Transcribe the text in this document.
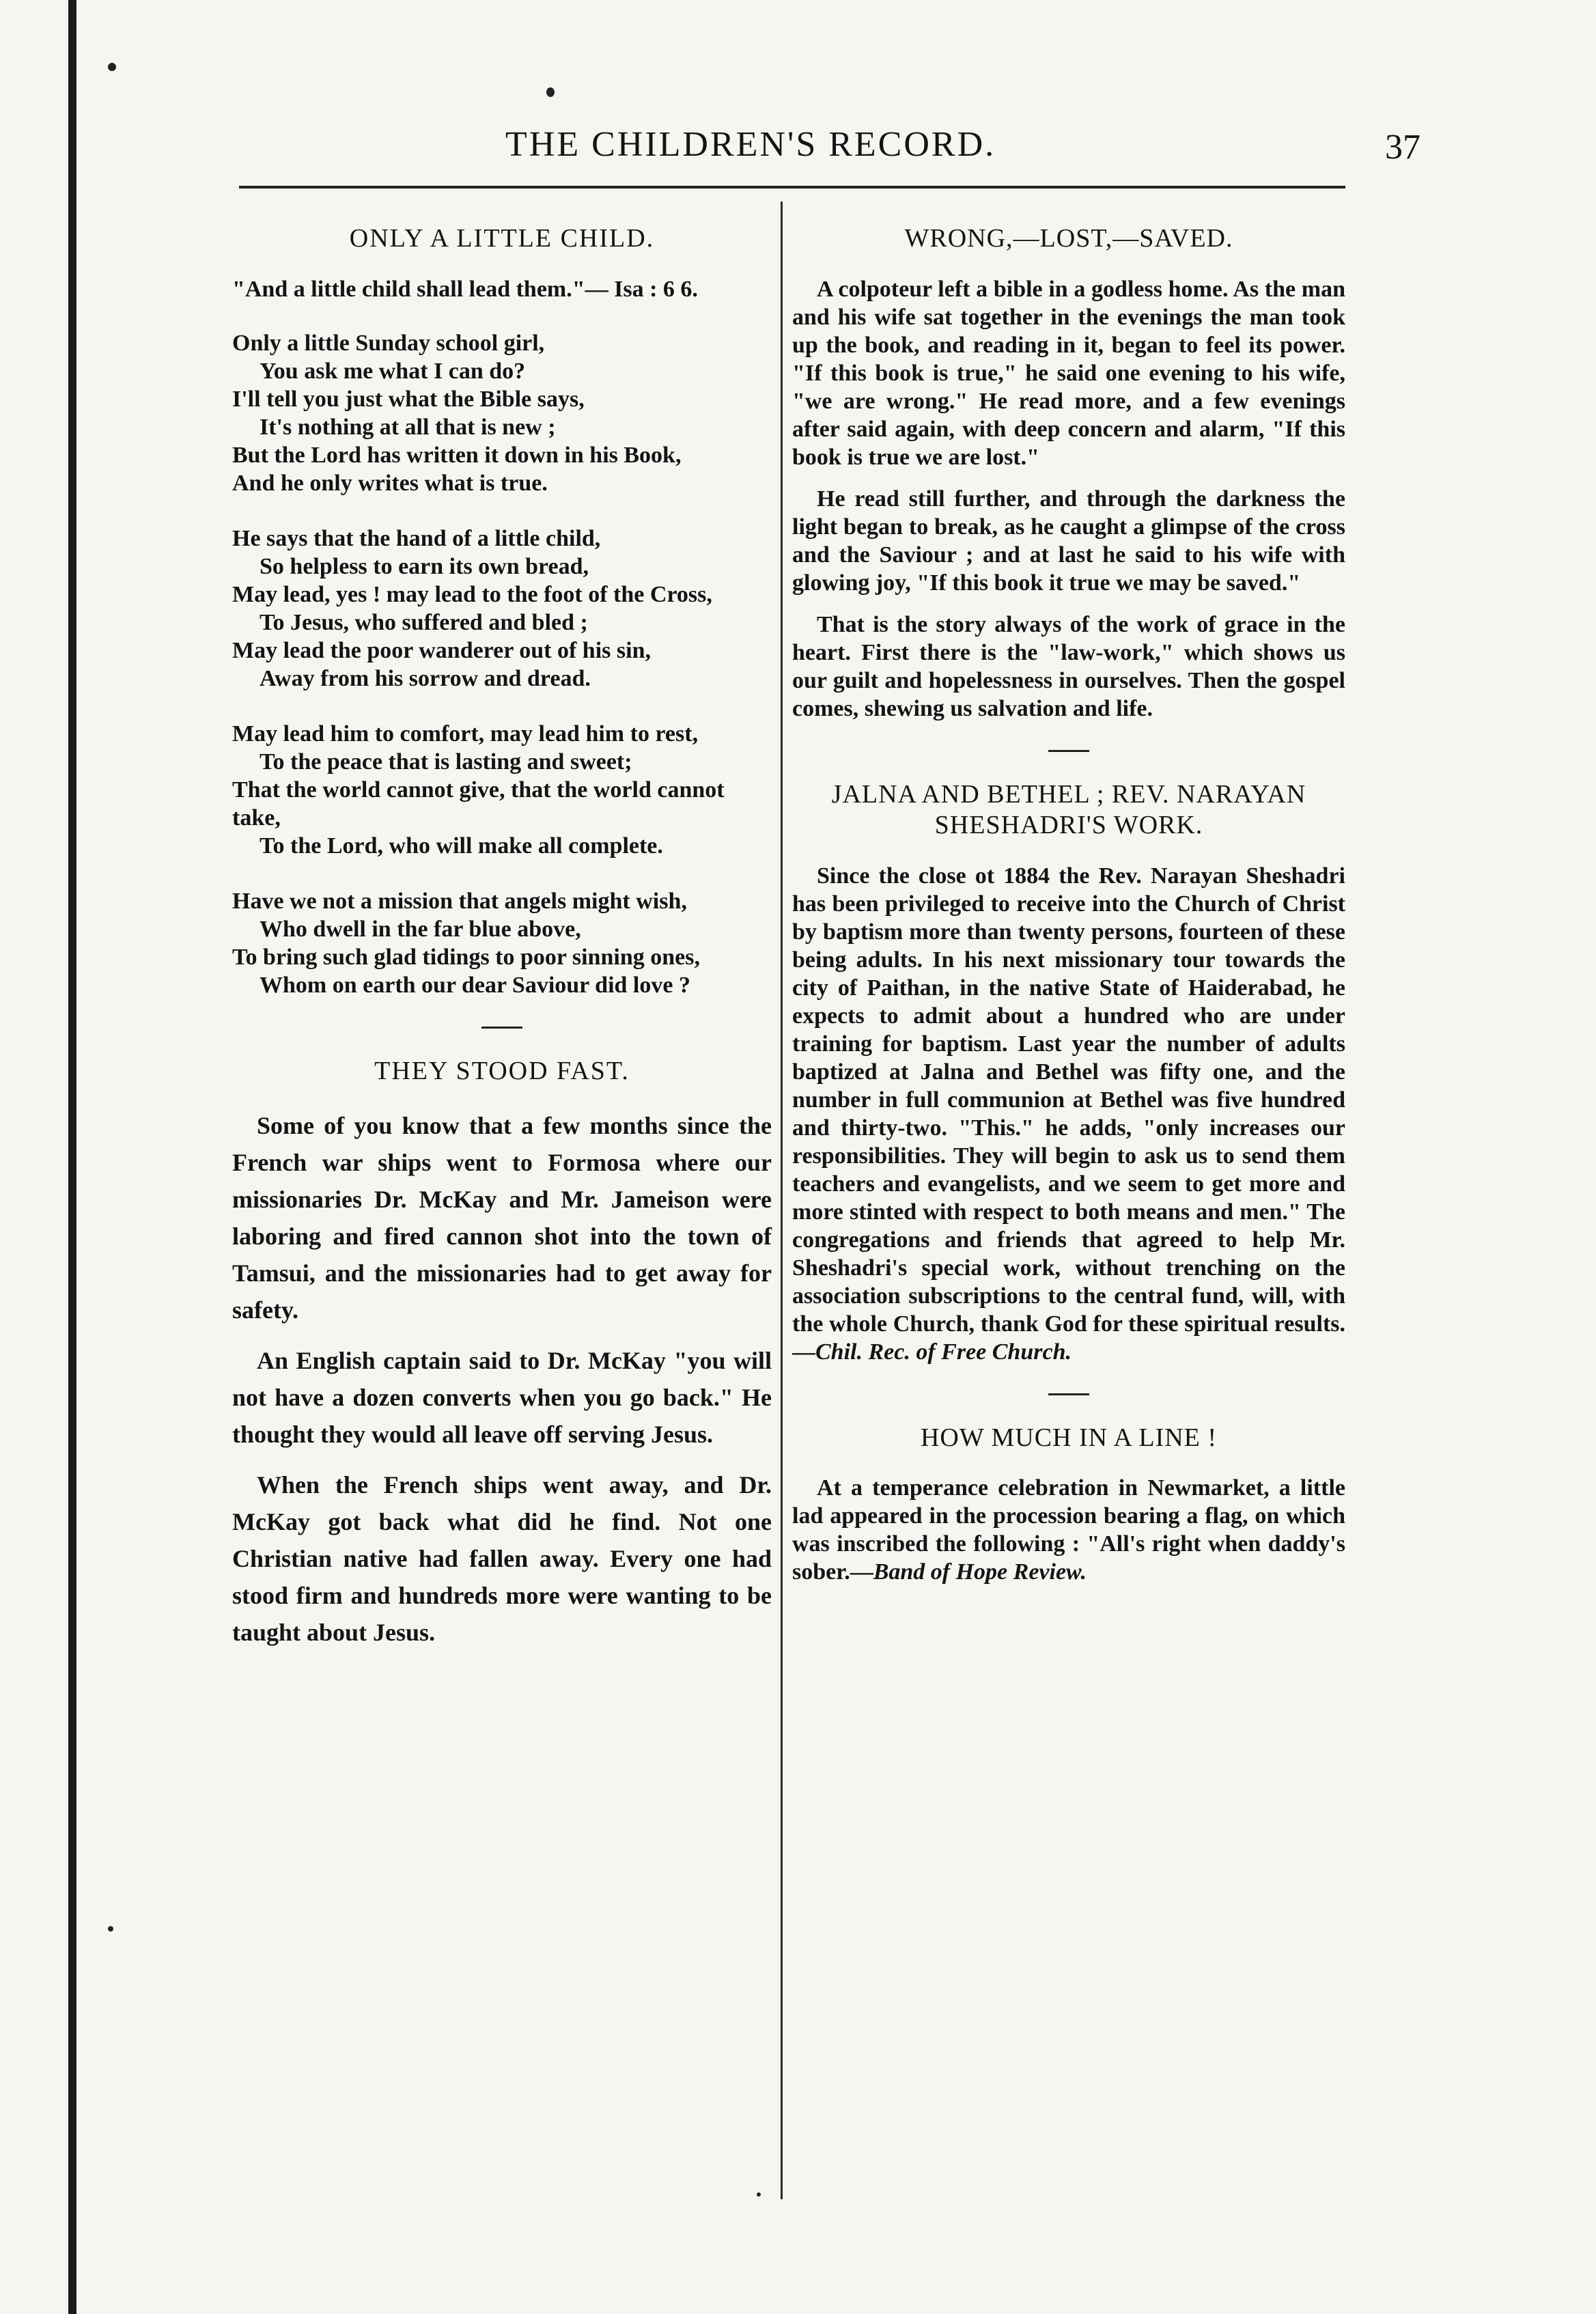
THE CHILDREN'S RECORD.	37
ONLY A LITTLE CHILD.
"And a little child shall lead them."— Isa : 6 6.
Only a little Sunday school girl,
You ask me what I can do?
I'll tell you just what the Bible says,
It's nothing at all that is new ;
But the Lord has written it down in his Book,
And he only writes what is true.
He says that the hand of a little child,
So helpless to earn its own bread,
May lead, yes ! may lead to the foot of the Cross,
To Jesus, who suffered and bled ;
May lead the poor wanderer out of his sin,
Away from his sorrow and dread.
May lead him to comfort, may lead him to rest,
To the peace that is lasting and sweet;
That the world cannot give, that the world cannot take,
To the Lord, who will make all complete.
Have we not a mission that angels might wish,
Who dwell in the far blue above,
To bring such glad tidings to poor sinning ones,
Whom on earth our dear Saviour did love ?
THEY STOOD FAST.

Some of you know that a few months since the French war ships went to Formosa where our missionaries Dr. McKay and Mr. Jameison were laboring and fired cannon shot into the town of Tamsui, and the missionaries had to get away for safety.

An English captain said to Dr. McKay "you will not have a dozen converts when you go back." He thought they would all leave off serving Jesus.

When the French ships went away, and Dr. McKay got back what did he find. Not one Christian native had fallen away. Every one had stood firm and hundreds more were wanting to be taught about Jesus.

WRONG,—LOST,—SAVED.

A colpoteur left a bible in a godless home. As the man and his wife sat together in the evenings the man took up the book, and reading in it, began to feel its power. "If this book is true," he said one evening to his wife, "we are wrong." He read more, and a few evenings after said again, with deep concern and alarm, "If this book is true we are lost."

He read still further, and through the darkness the light began to break, as he caught a glimpse of the cross and the Saviour ; and at last he said to his wife with glowing joy, "If this book it true we may be saved."

That is the story always of the work of grace in the heart. First there is the "law-work," which shows us our guilt and hopelessness in ourselves. Then the gospel comes, shewing us salvation and life.

JALNA AND BETHEL ; REV. NARAYAN SHESHADRI'S WORK.

Since the close ot 1884 the Rev. Narayan Sheshadri has been privileged to receive into the Church of Christ by baptism more than twenty persons, fourteen of these being adults. In his next missionary tour towards the city of Paithan, in the native State of Haiderabad, he expects to admit about a hundred who are under training for baptism. Last year the number of adults baptized at Jalna and Bethel was fifty one, and the number in full communion at Bethel was five hundred and thirty-two. "This." he adds, "only increases our responsibilities. They will begin to ask us to send them teachers and evangelists, and we seem to get more and more stinted with respect to both means and men." The congregations and friends that agreed to help Mr. Sheshadri's special work, without trenching on the association subscriptions to the central fund, will, with the whole Church, thank God for these spiritual results.—Chil. Rec. of Free Church.

HOW MUCH IN A LINE !

At a temperance celebration in Newmarket, a little lad appeared in the procession bearing a flag, on which was inscribed the following : "All's right when daddy's sober.—Band of Hope Review.
